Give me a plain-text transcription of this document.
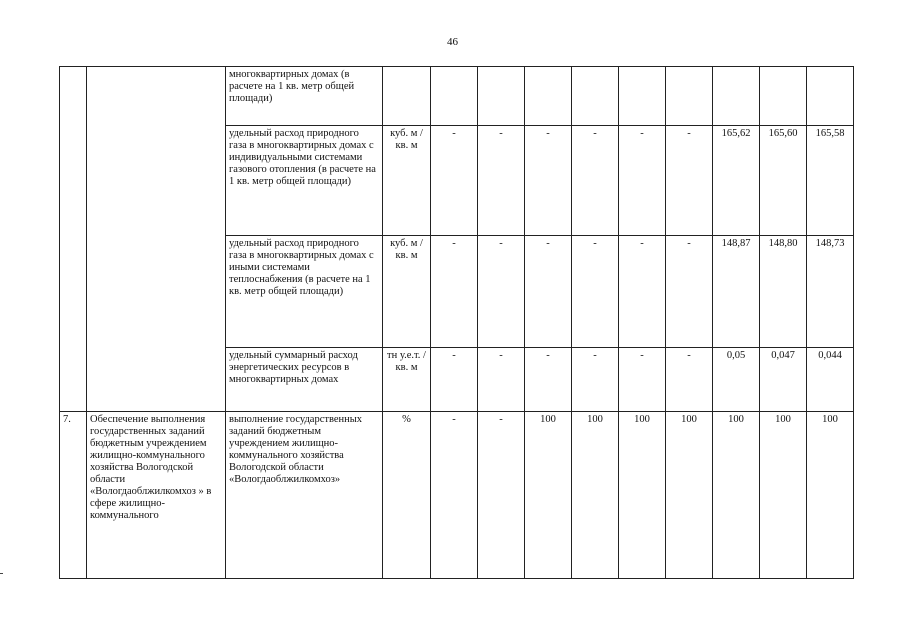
46
		многоквартирных домах (в расчете на 1 кв. метр общей площади)										
		удельный расход природного газа в многоквартирных домах с индивидуальными системами газового отопления (в расчете на 1 кв. метр общей площади)	куб. м / кв. м	-	-	-	-	-	-	165,62	165,60	165,58
		удельный расход природного газа в многоквартирных домах с иными системами теплоснабжения (в расчете на 1 кв. метр общей площади)	куб. м / кв. м	-	-	-	-	-	-	148,87	148,80	148,73
		удельный суммарный расход энергетических ресурсов в многоквартирных домах	тн у.е.т. / кв. м	-	-	-	-	-	-	0,05	0,047	0,044
7.	Обеспечение выполнения государственных заданий бюджетным учреждением жилищно-коммунального хозяйства Вологодской области «Вологдаоблжилкомхоз » в сфере жилищно-коммунального	выполнение государственных заданий бюджетным учреждением жилищно-коммунального хозяйства Вологодской области «Вологдаоблжилкомхоз»	%	-	-	100	100	100	100	100	100	100
